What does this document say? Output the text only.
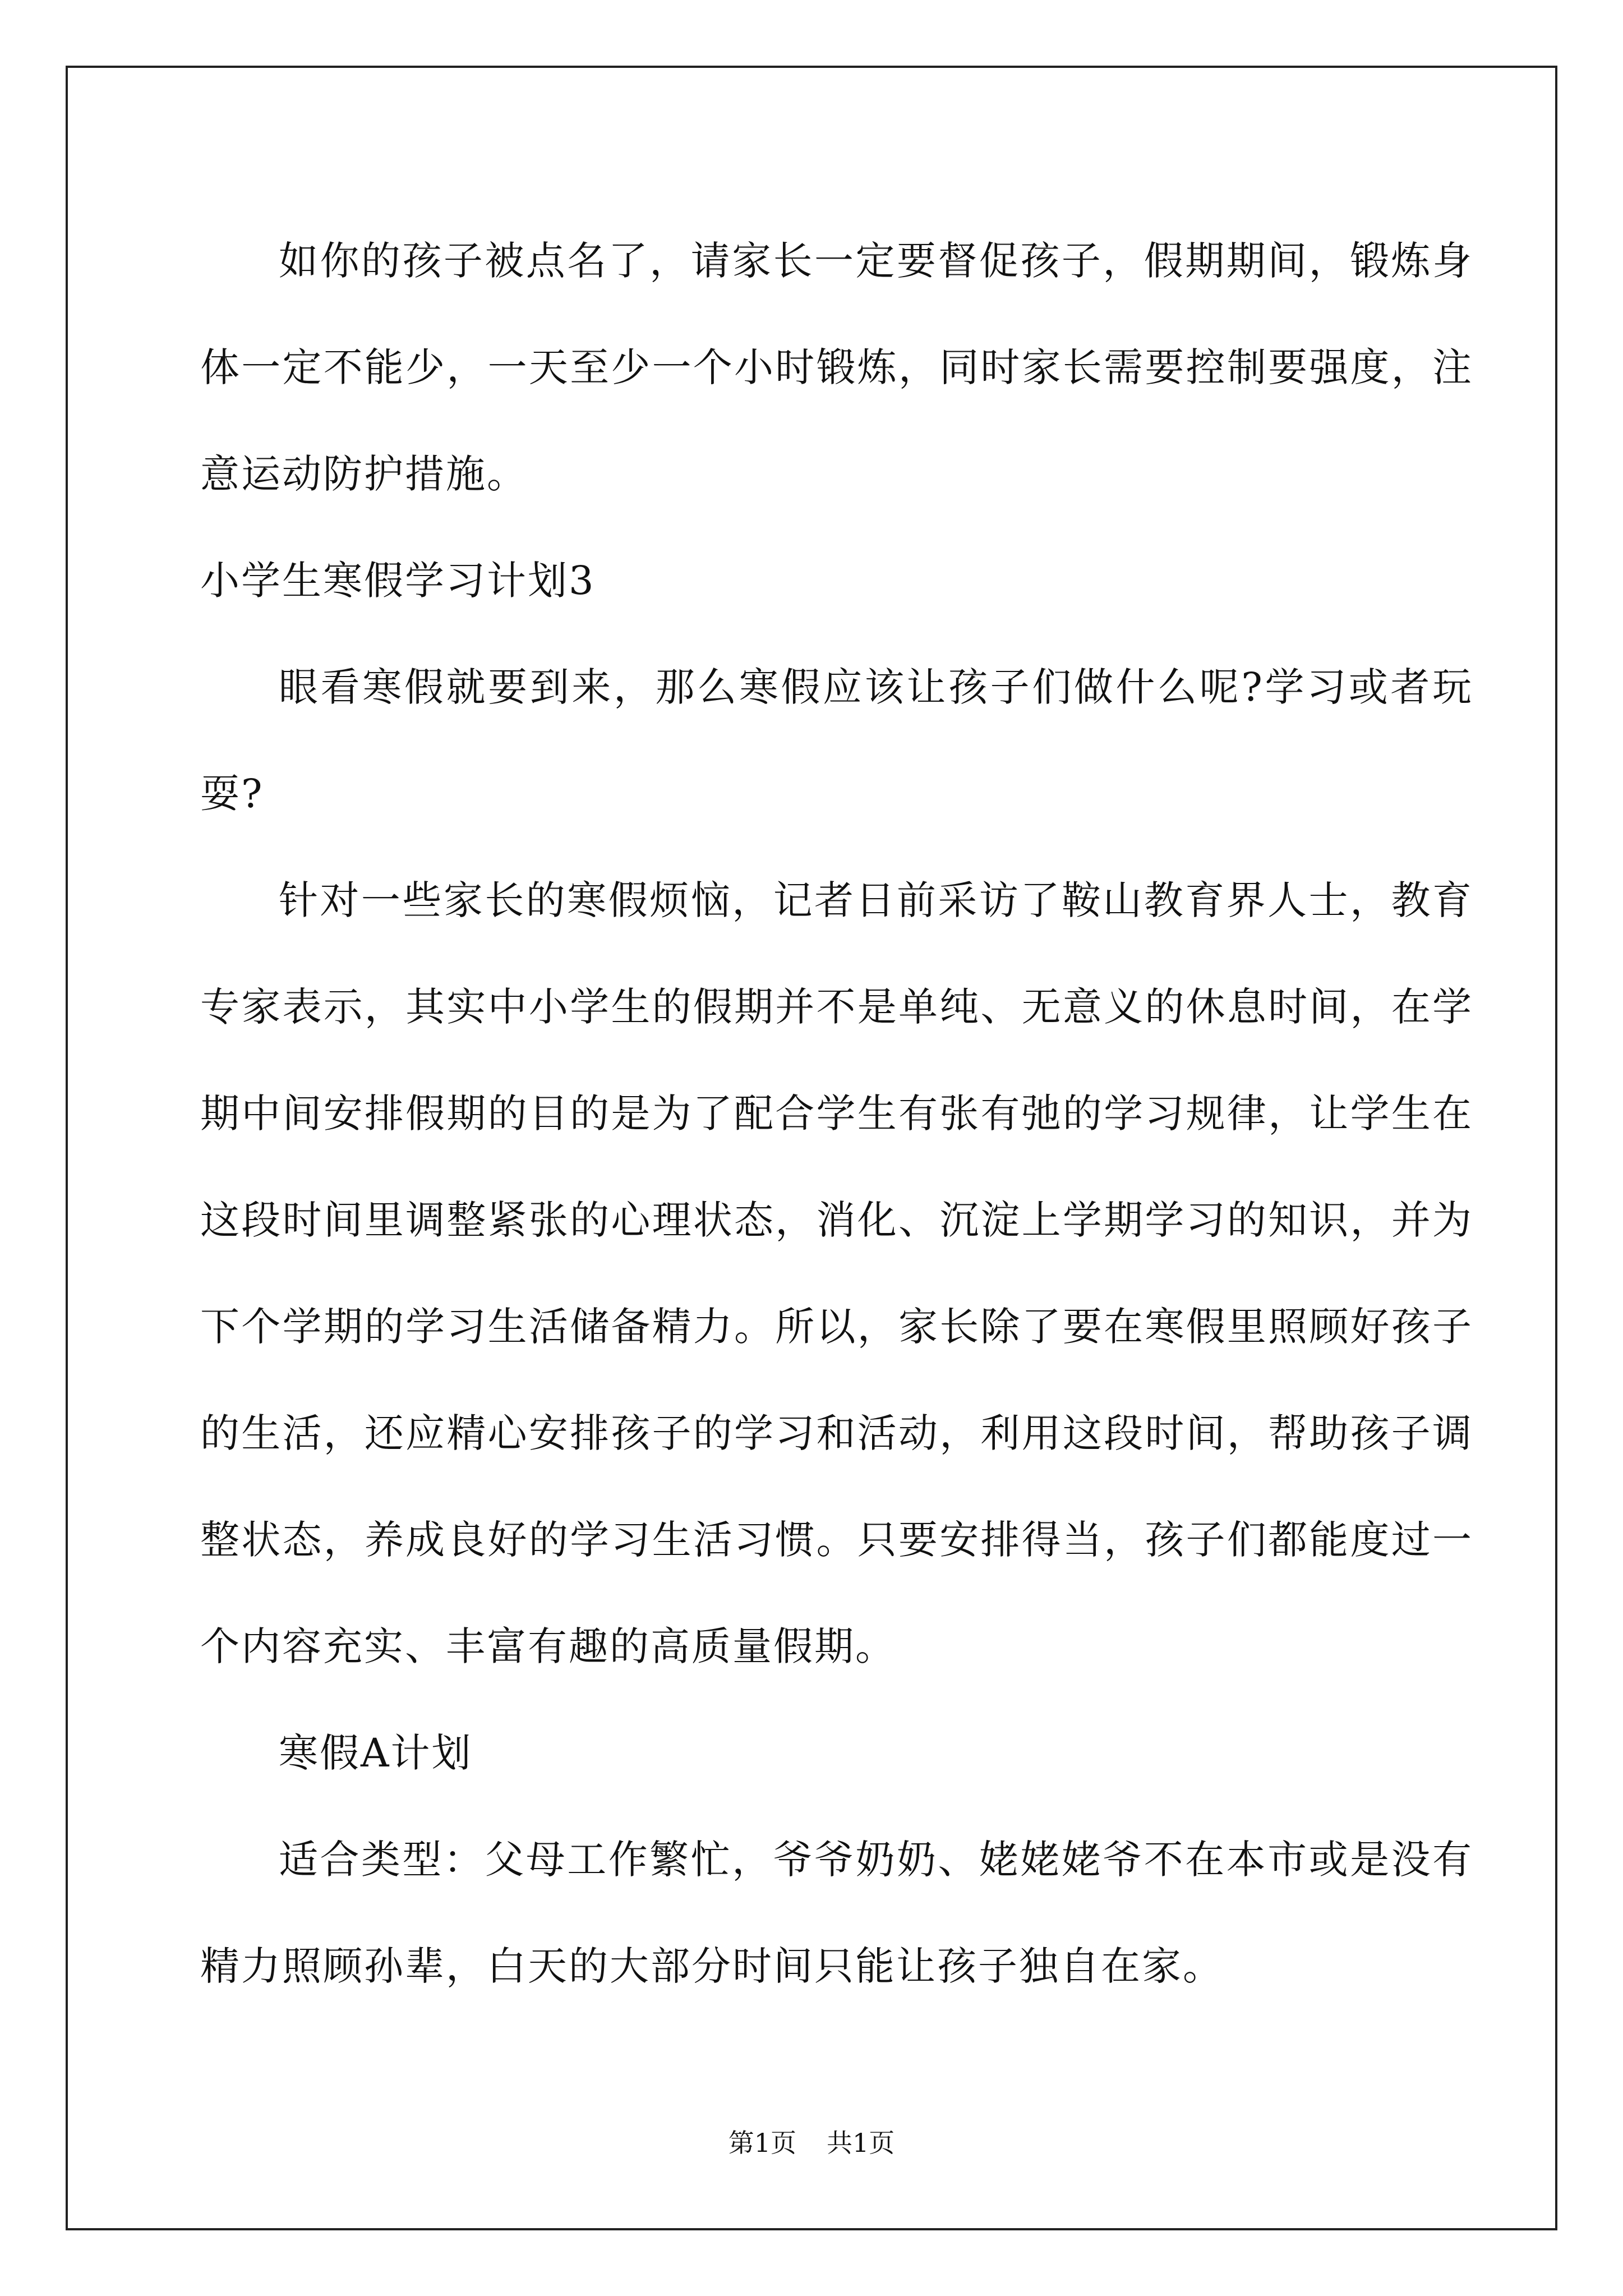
如你的孩子被点名了，请家长一定要督促孩子，假期期间，锻炼身体一定不能少，一天至少一个小时锻炼，同时家长需要控制要强度，注意运动防护措施。

小学生寒假学习计划3

眼看寒假就要到来，那么寒假应该让孩子们做什么呢?学习或者玩耍?

针对一些家长的寒假烦恼，记者日前采访了鞍山教育界人士，教育专家表示，其实中小学生的假期并不是单纯、无意义的休息时间，在学期中间安排假期的目的是为了配合学生有张有弛的学习规律，让学生在这段时间里调整紧张的心理状态，消化、沉淀上学期学习的知识，并为下个学期的学习生活储备精力。所以，家长除了要在寒假里照顾好孩子的生活，还应精心安排孩子的学习和活动，利用这段时间，帮助孩子调整状态，养成良好的学习生活习惯。只要安排得当，孩子们都能度过一个内容充实、丰富有趣的高质量假期。

寒假A计划

适合类型：父母工作繁忙，爷爷奶奶、姥姥姥爷不在本市或是没有精力照顾孙辈，白天的大部分时间只能让孩子独自在家。

第1页 共1页
